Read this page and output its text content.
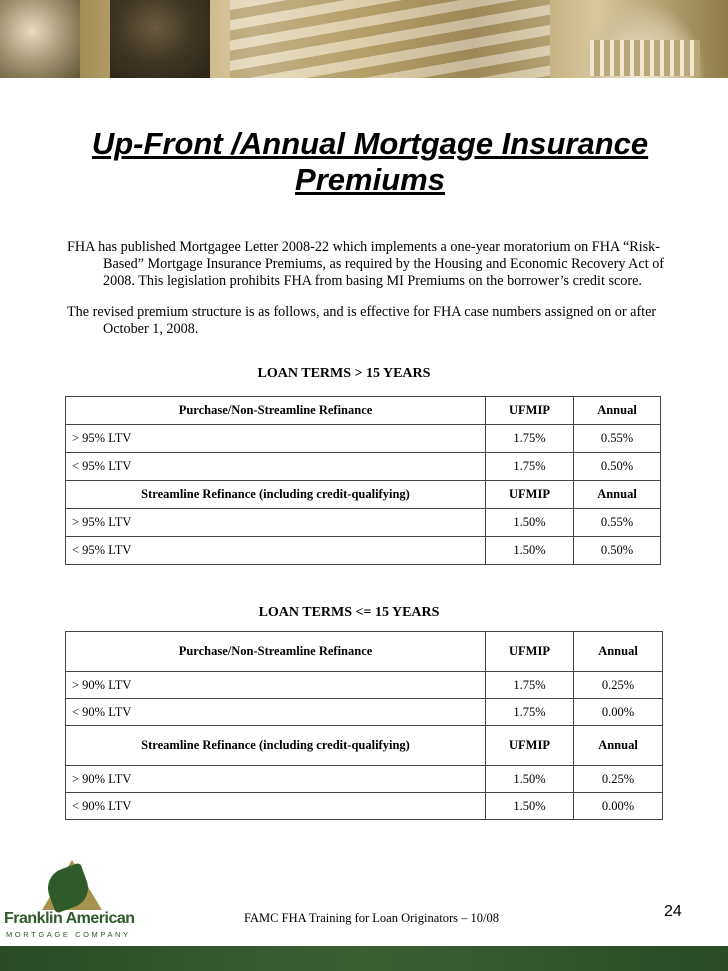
Up-Front /Annual Mortgage Insurance Premiums
FHA has published Mortgagee Letter 2008-22 which implements a one-year moratorium on FHA “Risk-Based” Mortgage Insurance Premiums, as required by the Housing and Economic Recovery Act of 2008. This legislation prohibits FHA from basing MI Premiums on the borrower’s credit score.
The revised premium structure is as follows, and is effective for FHA case numbers assigned on or after October 1, 2008.
LOAN TERMS > 15 YEARS
Purchase/Non-Streamline Refinance	UFMIP	Annual
> 95% LTV	1.75%	0.55%
< 95% LTV	1.75%	0.50%
Streamline Refinance (including credit-qualifying)	UFMIP	Annual
> 95% LTV	1.50%	0.55%
< 95% LTV	1.50%	0.50%
LOAN TERMS <= 15 YEARS
Purchase/Non-Streamline Refinance	UFMIP	Annual
> 90% LTV	1.75%	0.25%
< 90% LTV	1.75%	0.00%
Streamline Refinance (including credit-qualifying)	UFMIP	Annual
> 90% LTV	1.50%	0.25%
< 90% LTV	1.50%	0.00%
Franklin American
MORTGAGE COMPANY
FAMC FHA Training for Loan Originators – 10/08	24
